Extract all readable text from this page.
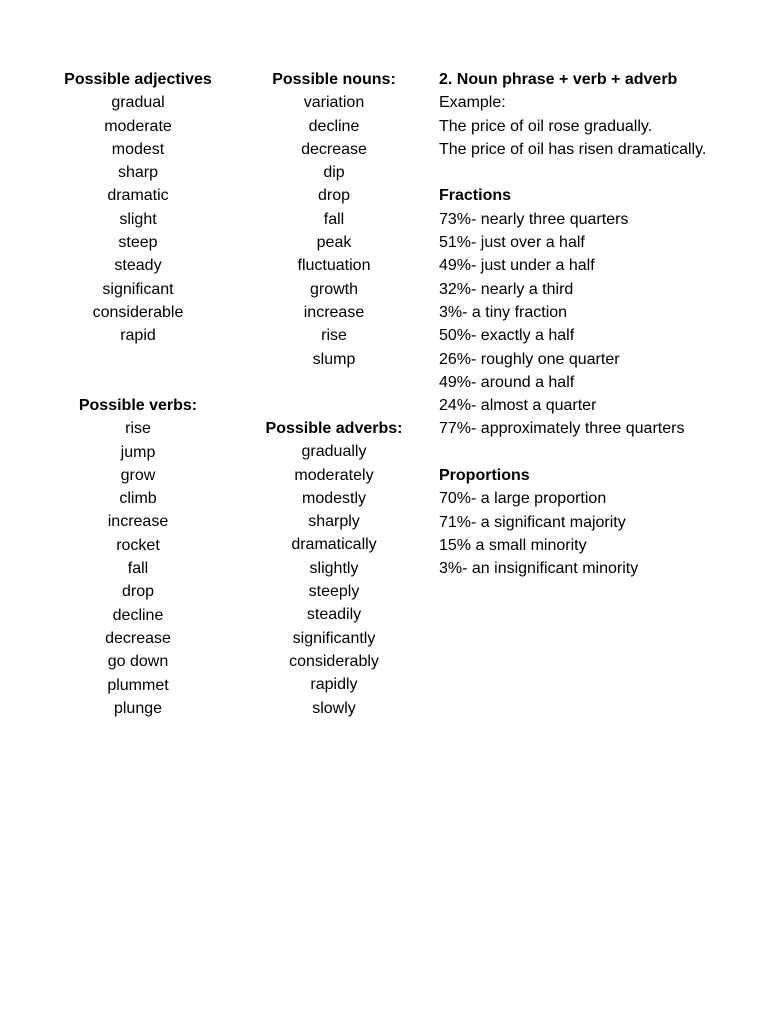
Possible adjectives
gradual
moderate
modest
sharp
dramatic
slight
steep
steady
significant
considerable
rapid
Possible verbs:
rise
jump
grow
climb
increase
rocket
fall
drop
decline
decrease
go down
plummet
plunge
Possible nouns:
variation
decline
decrease
dip
drop
fall
peak
fluctuation
growth
increase
rise
slump
Possible adverbs:
gradually
moderately
modestly
sharply
dramatically
slightly
steeply
steadily
significantly
considerably
rapidly
slowly
2. Noun phrase + verb + adverb
Example:
The price of oil rose gradually.
The price of oil has risen dramatically.
Fractions
73%- nearly three quarters
51%- just over a half
49%- just under a half
32%- nearly a third
3%- a tiny fraction
50%- exactly a half
26%- roughly one quarter
49%- around a half
24%- almost a quarter
77%- approximately three quarters
Proportions
70%- a large proportion
71%- a significant majority
15% a small minority
3%- an insignificant minority
